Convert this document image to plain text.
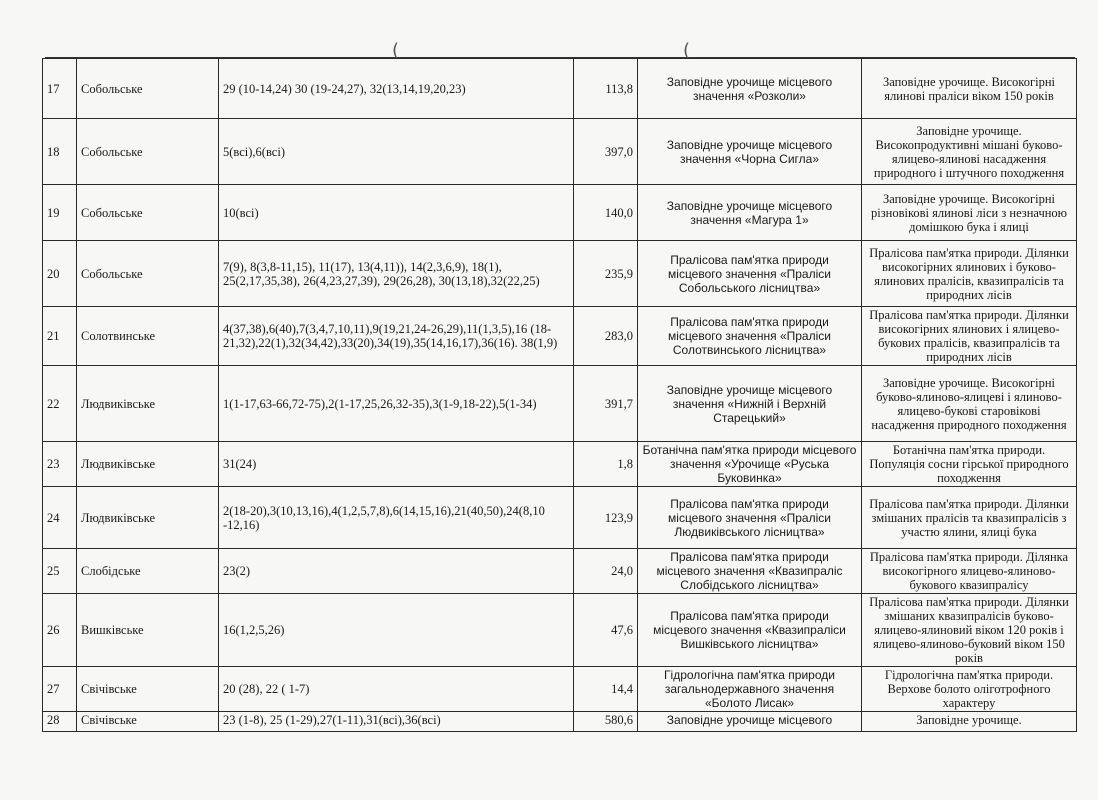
(	(
17	Собольське	29 (10-14,24) 30 (19-24,27), 32(13,14,19,20,23)	113,8	Заповідне урочище місцевого значення «Розколи»	Заповідне урочище. Високогірні ялинові праліси віком 150 років
18	Собольське	5(всі),6(всі)	397,0	Заповідне урочище місцевого значення «Чорна Сигла»	Заповідне урочище. Високопродуктивні мішані буково-ялицево-ялинові насадження природного і штучного походження
19	Собольське	10(всі)	140,0	Заповідне урочище місцевого значення «Магура 1»	Заповідне урочище. Високогірні різновікові ялинові ліси з незначною домішкою бука і ялиці
20	Собольське	7(9), 8(3,8-11,15), 11(17), 13(4,11)), 14(2,3,6,9), 18(1), 25(2,17,35,38), 26(4,23,27,39), 29(26,28), 30(13,18),32(22,25)	235,9	Пралісова пам'ятка природи місцевого значення «Праліси Собольського лісництва»	Пралісова пам'ятка природи. Ділянки високогірних ялинових і буково-ялинових пралісів, квазипралісів та природних лісів
21	Солотвинське	4(37,38),6(40),7(3,4,7,10,11),9(19,21,24-26,29),11(1,3,5),16 (18-21,32),22(1),32(34,42),33(20),34(19),35(14,16,17),36(16). 38(1,9)	283,0	Пралісова пам'ятка природи місцевого значення «Праліси Солотвинського лісництва»	Пралісова пам'ятка природи. Ділянки високогірних ялинових і ялицево-букових пралісів, квазипралісів та природних лісів
22	Людвиківське	1(1-17,63-66,72-75),2(1-17,25,26,32-35),3(1-9,18-22),5(1-34)	391,7	Заповідне урочище місцевого значення «Нижній і Верхній Старецький»	Заповідне урочище. Високогірні буково-ялиново-ялицеві і ялиново-ялицево-букові старовікові насадження природного походження
23	Людвиківське	31(24)	1,8	Ботанічна пам'ятка природи місцевого значення «Урочище «Руська Буковинка»	Ботанічна пам'ятка природи. Популяція сосни гірської природного походження
24	Людвиківське	2(18-20),3(10,13,16),4(1,2,5,7,8),6(14,15,16),21(40,50),24(8,10 -12,16)	123,9	Пралісова пам'ятка природи місцевого значення «Праліси Людвиківського лісництва»	Пралісова пам'ятка природи. Ділянки змішаних пралісів та квазипралісів з участю ялини, ялиці бука
25	Слобідське	23(2)	24,0	Пралісова пам'ятка природи місцевого значення «Квазипраліс Слобідського лісництва»	Пралісова пам'ятка природи. Ділянка високогірного ялицево-ялиново-букового квазипралісу
26	Вишківське	16(1,2,5,26)	47,6	Пралісова пам'ятка природи місцевого значення «Квазипраліси Вишківського лісництва»	Пралісова пам'ятка природи. Ділянки змішаних квазипралісів буково-ялицево-ялиновий віком 120 років і ялицево-ялиново-буковий віком 150 років
27	Свічівське	20 (28), 22 ( 1-7)	14,4	Гідрологічна пам'ятка природи загальнодержавного значення «Болото Лисак»	Гідрологічна пам'ятка природи. Верхове болото оліготрофного характеру
28	Свічівське	23 (1-8), 25 (1-29),27(1-11),31(всі),36(всі)	580,6	Заповідне урочище місцевого	Заповідне урочище.
